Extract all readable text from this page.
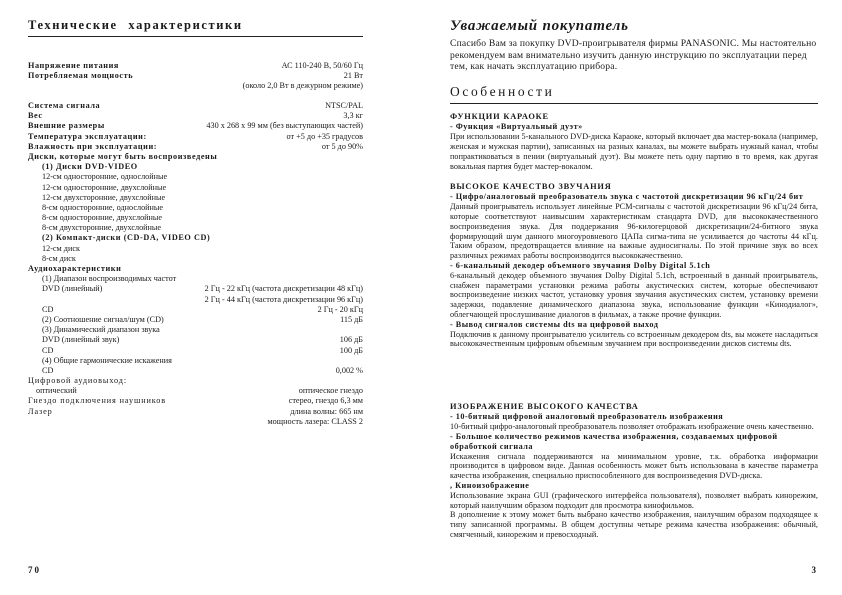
Технические характеристики
Напряжение питания	АС 110-240 В, 50/60 Гц
Потребляемая мощность	21 Вт
(около 2,0 Вт в дежурном режиме)
Система сигнала	NTSC/PAL
Вес	3,3 кг
Внешние размеры	430 x 268 x 99 мм (без выступающих частей)
Температура эксплуатации:	от +5 до +35 градусов
Влажность при эксплуатации:	от 5 до 90%
Диски, которые могут быть воспроизведены
(1) Диски DVD-VIDEO
12-см односторонние, однослойные
12-см односторонние, двухслойные
12-см двухсторонние, двухслойные
8-см односторонние, однослойные
8-см односторонние, двухслойные
8-см двухсторонние, двухслойные
(2) Компакт-диски (CD-DA, VIDEO CD)
12-см диск
8-см диск
Аудиохарактеристики
(1) Диапазон воспроизводимых частот
DVD (линейный)	2 Гц - 22 кГц (частота дискретизации 48 кГц)
2 Гц - 44 кГц (частота дискретизации 96 кГц)
CD	2 Гц - 20 кГц
(2) Соотношение сигнал/шум (CD)	115 дБ
(3) Динамический диапазон звука
DVD (линейный звук)	106 дБ
CD	100 дБ
(4) Общие гармонические искажения
CD	0,002 %
Цифровой аудиовыход:
оптический	оптическое гнездо
Гнездо подключения наушников	стерео, гнездо 6,3 мм
Лазер	длина волны: 665 нм
мощность лазера: CLASS 2
70
Уважаемый покупатель
Спасибо Вам за покупку DVD-проигрывателя фирмы PANASONIC. Мы настоятельно рекомендуем вам внимательно изучить данную инструкцию по эксплуатации перед тем, как начать эксплуатацию прибора.
Особенности
ФУНКЦИИ КАРАОКЕ
- Функция «Виртуальный дуэт»

При использовании 5-канального DVD-диска Караоке, который включает два мастер-вокала (например, женская и мужская партии), записанных на разных каналах, вы можете выбрать нужный канал, чтобы попрактиковаться в пении (виртуальный дуэт). Вы можете петь одну партию в то время, как другая вокальная партия будет мастер-вокалом.

ВЫСОКОЕ КАЧЕСТВО ЗВУЧАНИЯ
- Цифро/аналоговый преобразователь звука с частотой дискретизации 96 кГц/24 бит

Данный проигрыватель использует линейные PCM-сигналы с частотой дискретизации 96 кГц/24 бита, которые соответствуют наивысшим характеристикам стандарта DVD, для высококачественного воспроизведения звука. Для поддержания 96-килогерцовой дискретизации/24-битного звука формирующий шум данного многоуровневого ЦАПа сигма-типа не усиливается до частоты 44 кГц. Таким образом, предотвращается влияние на важные аудиосигналы. По этой причине звук во всех различных режимах работы воспроизводится высококачественно.

- 6-канальный декодер объемного звучания Dolby Digital 5.1ch

6-канальный декодер объемного звучания Dolby Digital 5.1ch, встроенный в данный проигрыватель, снабжен параметрами установки режима работы акустических систем, которые обеспечивают воспроизведение низких частот, установку уровня звучания акустических систем, установку времени задержки, подавление динамического диапазона звука, использование функции «Кинодиалог», облегчающей прослушивание диалогов в фильмах, а также прочие функции.

- Вывод сигналов системы dts на цифровой выход

Подключив к данному проигрывателю усилитель со встроенным декодером dts, вы можете насладиться высококачественным цифровым объемным звучанием при воспроизведении дисков системы dts.

ИЗОБРАЖЕНИЕ ВЫСОКОГО КАЧЕСТВА
- 10-битный цифровой аналоговый преобразователь изображения

10-битный цифро-аналоговый преобразователь позволяет отображать изображение очень качественно.

- Большое количество режимов качества изображения, создаваемых цифровой обработкой сигнала

Искажения сигнала поддерживаются на минимальном уровне, т.к. обработка информации производится в цифровом виде. Данная особенность может быть использована в качестве параметра качества изображения, специально приспособленного для воспроизведения DVD-диска.

, Киноизображение

Использование экрана GUI (графического интерфейса пользователя), позволяет выбрать кинорежим, который наилучшим образом подходит для просмотра кинофильмов.

В дополнение к этому может быть выбрано качество изображения, наилучшим образом подходящее к типу записанной программы. В общем доступны четыре режима качества изображения: обычный, смягченный, кинорежим и превосходный.

3
